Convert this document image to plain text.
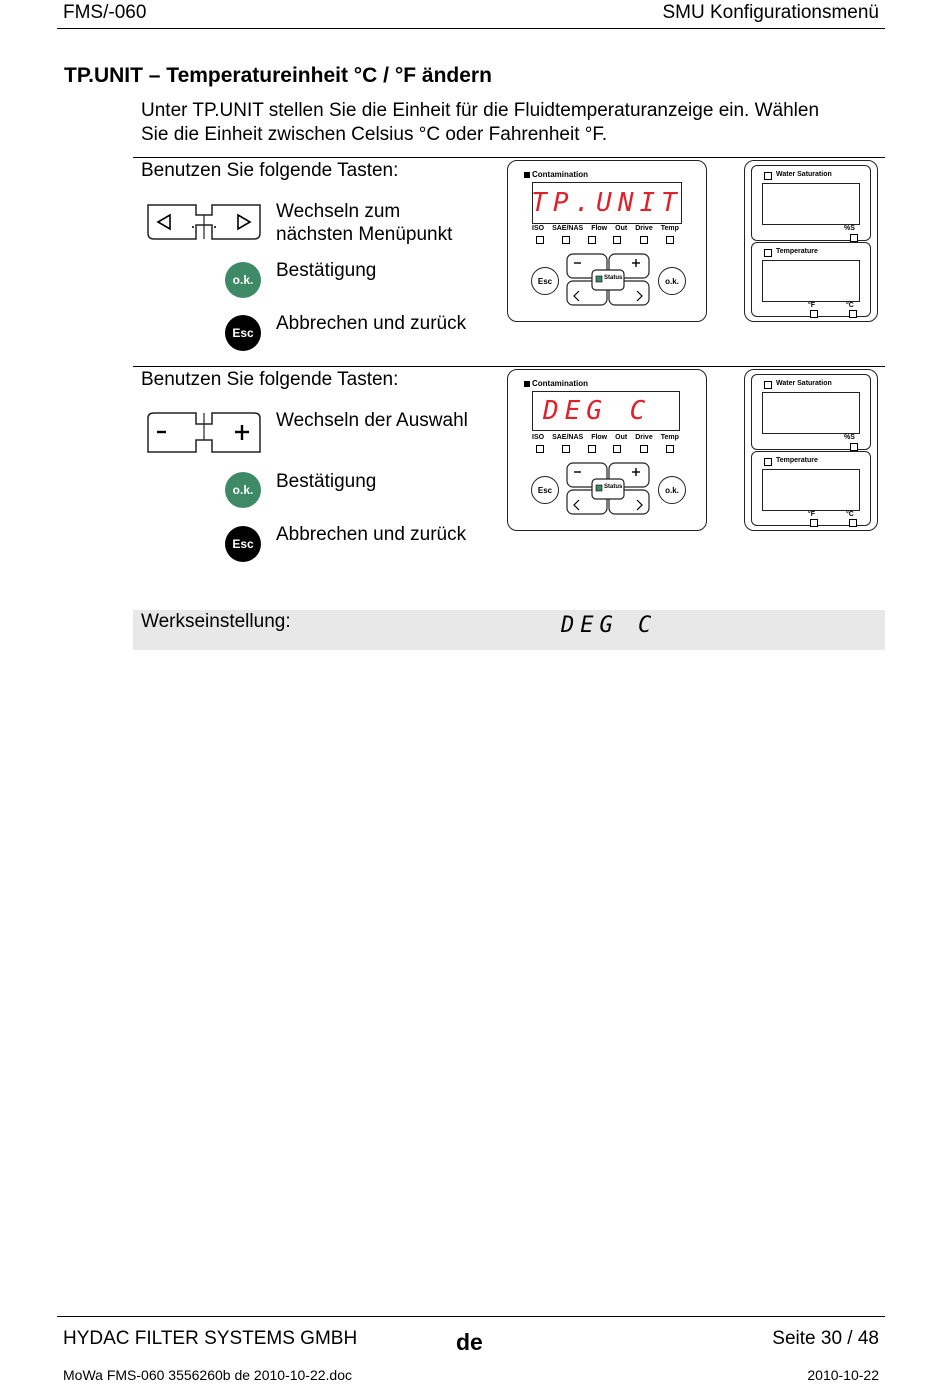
FMS/-060	SMU Konfigurationsmenü
TP.UNIT – Temperatureinheit °C / °F ändern
Unter TP.UNIT stellen Sie die Einheit für die Fluidtemperaturanzeige ein. Wählen
Sie die Einheit zwischen Celsius °C oder Fahrenheit °F.
Benutzen Sie folgende Tasten:
Wechseln zum
nächsten Menüpunkt
o.k.	Bestätigung
Esc	Abbrechen und zurück
Contamination
TP.UNIT
ISO SAE/NAS Flow Out Drive Temp
Esc	o.k.
Status
Water Saturation
%S
Temperature
°F	°C
Benutzen Sie folgende Tasten:
Wechseln der Auswahl
o.k.	Bestätigung
Esc	Abbrechen und zurück
Contamination
DEG C
ISO SAE/NAS Flow Out Drive Temp
Esc	o.k.
Status
Water Saturation
%S
Temperature
°F	°C
Werkseinstellung:	DEG C
HYDAC FILTER SYSTEMS GMBH	de	Seite 30 / 48
MoWa FMS-060 3556260b de 2010-10-22.doc	2010-10-22
